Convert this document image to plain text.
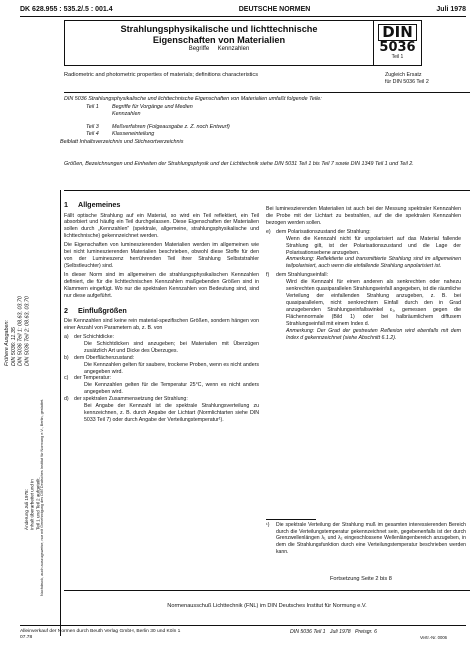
DK 628.955 : 535.2/.5 : 001.4	DEUTSCHE NORMEN	Juli 1978
Strahlungsphysikalische und lichttechnische
Eigenschaften von Materialien
Begriffe     Kennzahlen
DIN
5036
Teil 1
Radiometric and photometric properties of materials; definitions characteristics	Zugleich Ersatz
für DIN 5036 Teil 2
DIN 5036 Strahlungsphysikalische und lichttechnische Eigenschaften von Materialien umfaßt folgende Teile:
Teil 1	Begriffe für Vorgänge und Medien
Kennzahlen
Teil 3	Meßverfahren (Folgeausgabe z. Z. noch Entwurf)
Teil 4	Klasseneinteilung
Beiblatt Inhaltsverzeichnis und Stichwortverzeichnis
Größen, Bezeichnungen und Einheiten der Strahlungsphysik und der Lichttechnik siehe DIN 5031 Teil 1 bis Teil 7 sowie DIN 1349 Teil 1 und Teil 2.
Frühere Ausgaben:
DIN 5036: 11.35
DIN 5036 Teil 1: 08.63, 03.70
DIN 5036 Teil 2: 08.63, 03.70
Nachdruck, auch auszugsweise, nur mit Genehmigung des DIN Deutsches Institut für Normung e.V., Berlin, gestattet.
Änderung Juli 1978:
Inhalt überarbeitet und in
Teil 1 und Teil 2 aufgeteilt.
1 Allgemeines

Fällt optische Strahlung auf ein Material, so wird ein Teil reflektiert, ein Teil absorbiert und häufig ein Teil durchgelassen. Diese Eigenschaften der Materialien sollen durch „Kennzahlen" (spektrale, allgemeine, strahlungsphysikalische und lichttechnische) gekennzeichnet werden.

Die Eigenschaften von lumineszierenden Materialien werden im allgemeinen wie bei nicht lumineszierenden Materialien beschrieben, obwohl diese Stoffe für den von der Lumineszenz herrührenden Teil ihrer Strahlung Selbststrahler (Selbstleuchter) sind.

In dieser Norm sind im allgemeinen die strahlungsphysikalischen Kennzahlen definiert, die für die lichttechnischen Kennzahlen maßgebenden Größen sind in Klammern eingefügt. Wo nur die spektralen Kennzahlen von Bedeutung sind, sind nur diese aufgeführt.

2 Einflußgrößen

Die Kennzahlen sind keine rein material-spezifischen Größen, sondern hängen von einer Anzahl von Parametern ab, z. B. von

a)	der Schichtdicke:
Die Schichtdicken sind anzugeben; bei Materialien mit Überzügen zusätzlich Art und Dicke des Überzuges.
b)	dem Oberflächenzustand:
Die Kennzahlen gelten für saubere, trockene Proben, wenn es nicht anders angegeben wird.
c)	der Temperatur:
Die Kennzahlen gelten für die Temperatur 25°C, wenn es nicht anders angegeben wird.
d)	der spektralen Zusammensetzung der Strahlung:
Bei Angabe der Kennzahl ist die spektrale Strahlungsverteilung zu kennzeichnen, z. B. durch Angabe der Lichtart (Normlichtarten siehe DIN 5033 Teil 7) oder durch Angabe der Verteilungstemperatur¹).

Bei lumineszierenden Materialien ist auch bei der Messung spektraler Kennzahlen die Probe mit der Lichtart zu bestrahlen, auf die die spektralen Kennzahlen bezogen werden sollen.

e)	dem Polarisationszustand der Strahlung:
Wenn die Kennzahl nicht für unpolarisiert auf das Material fallende Strahlung gilt, ist der Polarisationszustand und die Lage der Polarisationsebene anzugeben.
Anmerkung: Reflektierte und transmittierte Strahlung sind im allgemeinen teilpolarisiert, auch wenn die einfallende Strahlung unpolarisiert ist.
f)	dem Strahlungseinfall:
Wird die Kennzahl für einen anderen als senkrechten oder nahezu senkrechten quasiparallelen Strahlungseinfall angegeben, ist die räumliche Verteilung der einfallenden Strahlung anzugeben, z. B. bei quasiparallelem, nicht senkrechtem Einfall durch den in Grad anzugebenden Strahlungseinfallswinkel ε₁, gemessen gegen die Flächennormale (Bild 1) oder bei halbräumlichem diffusem Strahlungseinfall mit einem Index d.
Anmerkung: Der Grad der gestreuten Reflexion wird ebenfalls mit dem Index d gekennzeichnet (siehe Abschnitt 6.1.2).
¹)	Die spektrale Verteilung der Strahlung muß im gesamten interessierenden Bereich durch die Verteilungstemperatur gekennzeichnet sein, gegebenenfalls ist der durch Grenzwellenlängen λ₁ und λ₂ eingeschlossene Wellenlängenbereich anzugeben, in dem die Strahlungsfunktion durch eine Verteilungstemperatur beschrieben werden kann.
Fortsetzung Seite 2 bis 8
Normenausschuß Lichttechnik (FNL) im DIN Deutsches Institut für Normung e.V.
Alleinverkauf der Normen durch Beuth Verlag GmbH, Berlin 30 und Köln 1
07.78
DIN 5036 Teil 1   Juli 1978   Preisgr. 6
Vertr.-Nr. 0006
